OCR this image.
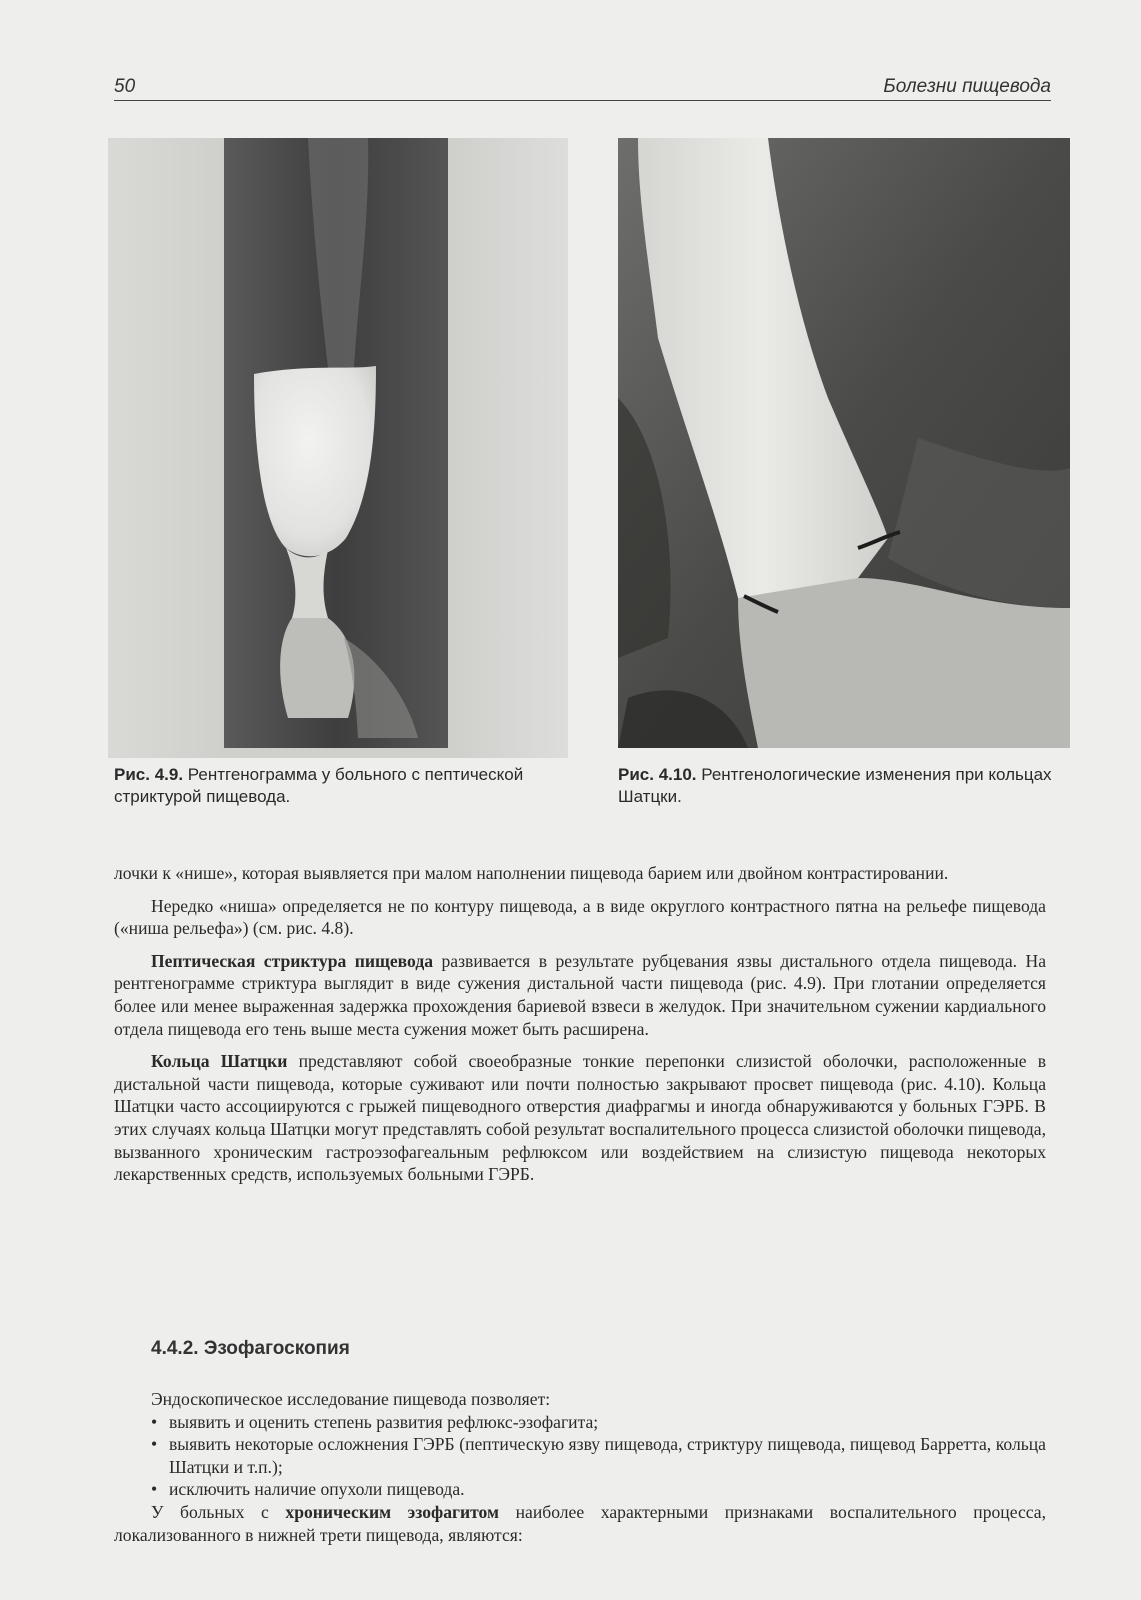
50	Болезни пищевода
Рис. 4.9. Рентгенограмма у больного с пептической стриктурой пищевода.
Рис. 4.10. Рентгенологические изменения при кольцах Шатцки.

лочки к «нише», которая выявляется при малом наполнении пищевода барием или двойном контрастировании.

Нередко «ниша» определяется не по контуру пищевода, а в виде округлого контрастного пятна на рельефе пищевода («ниша рельефа») (см. рис. 4.8).

Пептическая стриктура пищевода развивается в результате рубцевания язвы дистального отдела пищевода. На рентгенограмме стриктура выглядит в виде сужения дистальной части пищевода (рис. 4.9). При глотании определяется более или менее выраженная задержка прохождения бариевой взвеси в желудок. При значительном сужении кардиального отдела пищевода его тень выше места сужения может быть расширена.

Кольца Шатцки представляют собой своеобразные тонкие перепонки слизистой оболочки, расположенные в дистальной части пищевода, которые суживают или почти полностью закрывают просвет пищевода (рис. 4.10). Кольца Шатцки часто ассоциируются с грыжей пищеводного отверстия диафрагмы и иногда обнаруживаются у больных ГЭРБ. В этих случаях кольца Шатцки могут представлять собой результат воспалительного процесса слизистой оболочки пищевода, вызванного хроническим гастроэзофагеальным рефлюксом или воздействием на слизистую пищевода некоторых лекарственных средств, используемых больными ГЭРБ.

4.4.2. Эзофагоскопия

Эндоскопическое исследование пищевода позволяет:

• выявить и оценить степень развития рефлюкс-эзофагита;

• выявить некоторые осложнения ГЭРБ (пептическую язву пищевода, стриктуру пищевода, пищевод Барретта, кольца Шатцки и т.п.);

• исключить наличие опухоли пищевода.

У больных с хроническим эзофагитом наиболее характерными признаками воспалительного процесса, локализованного в нижней трети пищевода, являются:
